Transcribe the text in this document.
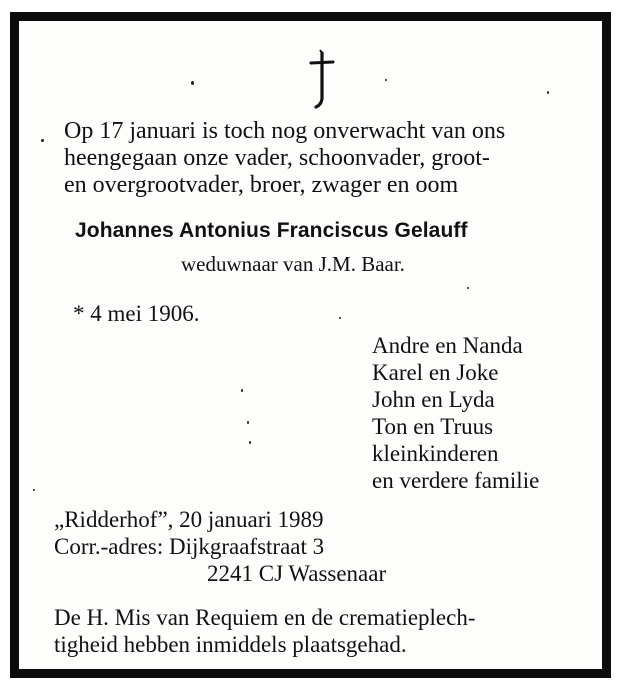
Op 17 januari is toch nog onverwacht van ons
heengegaan onze vader, schoonvader, groot-
en overgrootvader, broer, zwager en oom
Johannes Antonius Franciscus Gelauff
weduwnaar van J.M. Baar.
* 4 mei 1906.
Andre en Nanda
Karel en Joke
John en Lyda
Ton en Truus
kleinkinderen
en verdere familie
„Ridderhof”, 20 januari 1989
Corr.-adres: Dijkgraafstraat 3
2241 CJ Wassenaar
De H. Mis van Requiem en de crematieplech-
tigheid hebben inmiddels plaatsgehad.
